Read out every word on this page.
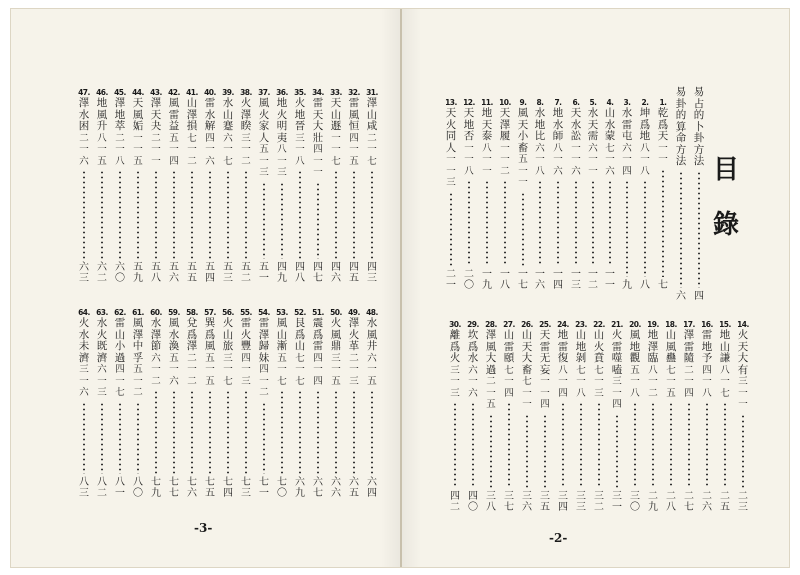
目
錄
易占的卜卦方法
四
易卦的算命方法
六
1.
乾爲天
一一
七
2.
坤爲地
八一八
八
3.
水雷屯
六一四
九
4.
山水蒙
七一六
一一
5.
水天需
六一一
一二
6.
天水訟
一一六
一三
7.
地水師
八一六
一四
8.
水地比
六一八
一六
9.
風天小畜
五一一
一七
10.
天澤履
一一二
一八
11.
地天泰
八一一
一九
12.
天地否
一一八
二〇
13.
天火同人
一一三
二一
14.
火天大有
三一一
二三
15.
地山謙
八一七
二五
16.
雷地予
四一八
二六
17.
澤雷隨
二一四
二七
18.
山風蠱
七一五
二八
19.
地澤臨
八一二
二九
20.
風地觀
五一八
三〇
21.
火雷噬嗑
三一四
三一
22.
山火賁
七一三
三二
23.
山地剝
七一八
三三
24.
地雷復
八一四
三四
25.
天雷无妄
一一四
三五
26.
山天大畜
七一一
三六
27.
山雷頤
七一四
三七
28.
澤風大過
二一五
三八
29.
坎爲水
六一六
四〇
30.
離爲火
三一三
四二
31.
澤山咸
二一七
四三
32.
雷風恒
四一五
四五
33.
天山遯
一一七
四六
34.
雷天大壯
四一一
四七
35.
火地晉
三一八
四八
36.
地火明夷
八一三
四九
37.
風火家人
五一三
五一
38.
火澤睽
三一二
五二
39.
水山蹇
六一七
五三
40.
雷水解
四一六
五四
41.
山澤損
七一二
五五
42.
風雷益
五一四
五六
43.
澤天夬
二一一
五八
44.
天風姤
一一五
五九
45.
澤地萃
二一八
六〇
46.
地風升
八一五
六二
47.
澤水困
二一六
六三
48.
水風井
六一五
六四
49.
澤火革
二一三
六五
50.
火風鼎
三一五
六六
51.
震爲雷
四一四
六七
52.
艮爲山
七一七
六九
53.
風山漸
五一七
七〇
54.
雷澤歸妹
四一二
七一
55.
雷火豐
四一三
七三
56.
火山旅
三一七
七四
57.
巽爲風
五一五
七五
58.
兌爲澤
二一二
七六
59.
風水渙
五一六
七七
60.
水澤節
六一二
七九
61.
風澤中孚
五一二
八〇
62.
雷山小過
四一七
八一
63.
水火既濟
六一三
八二
64.
火水未濟
三一六
八三
-3-
-2-
